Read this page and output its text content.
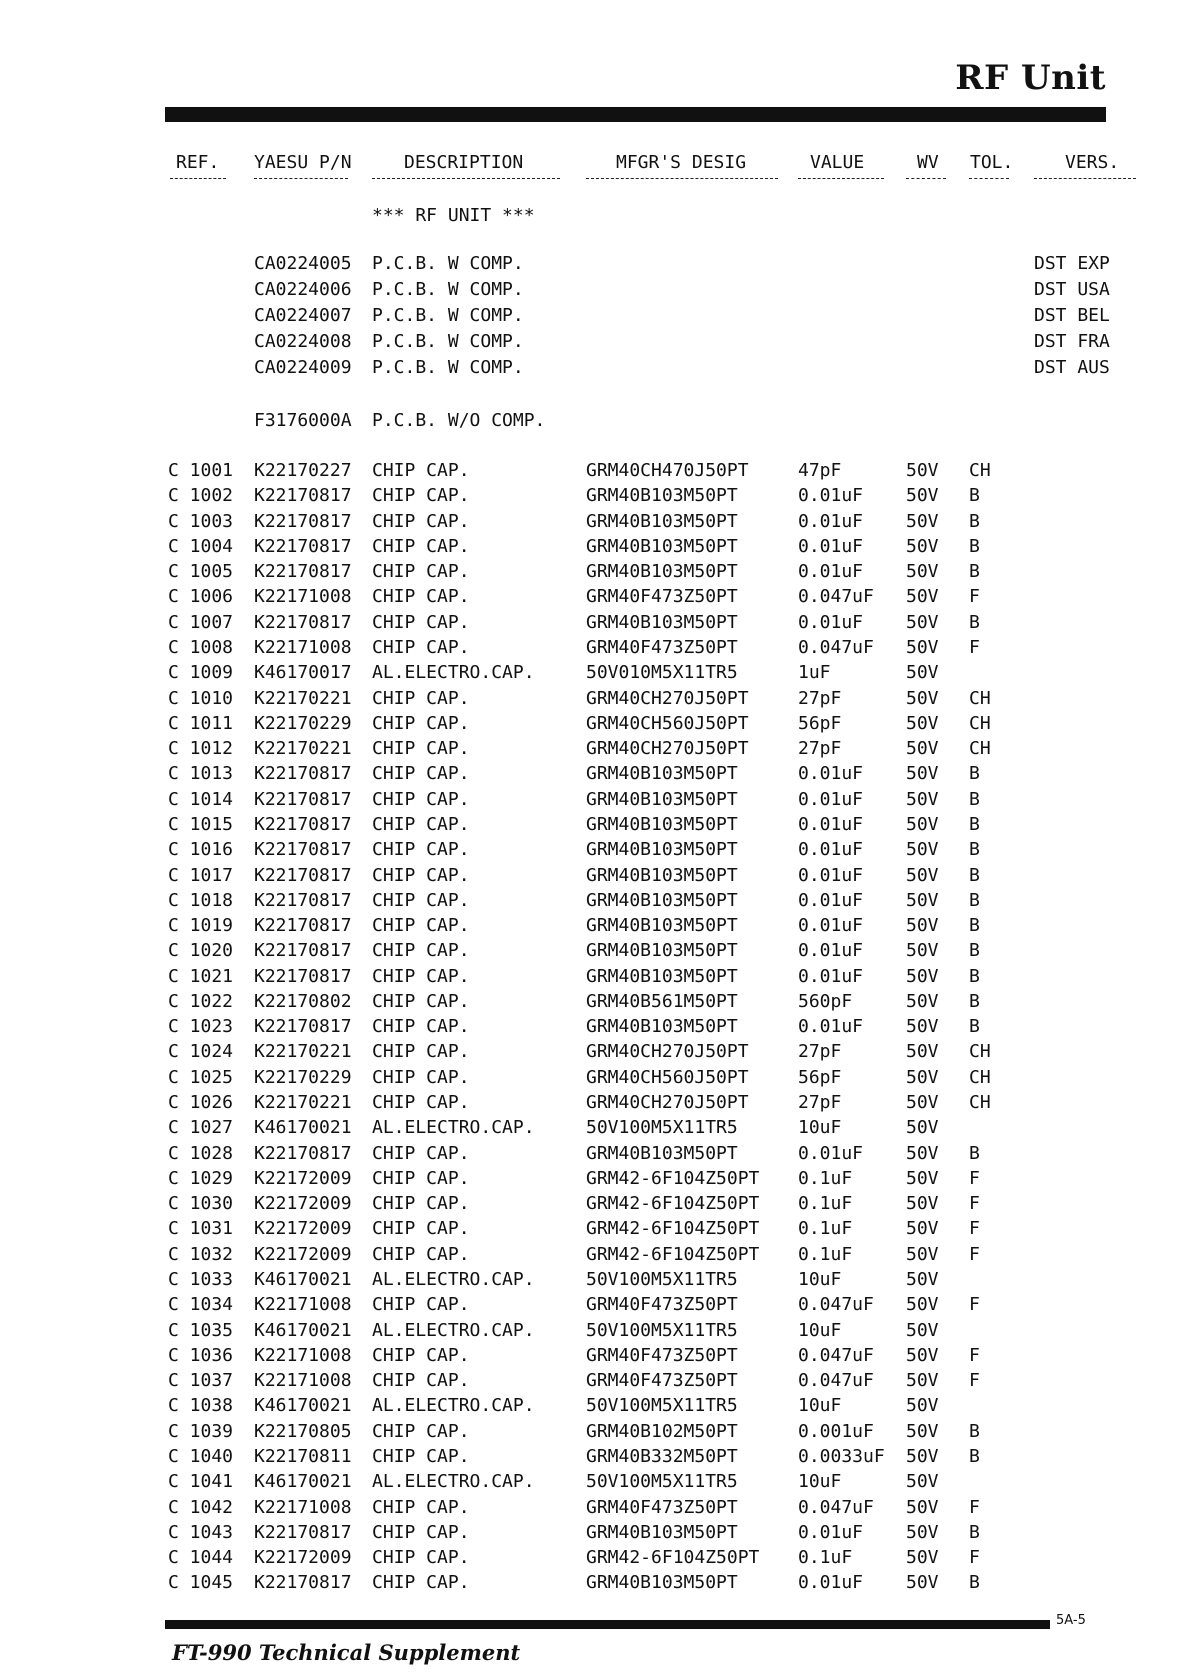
RF Unit
REF. YAESU P/N	DESCRIPTION	MFGR'S DESIG	VALUE	WV TOL.	VERS.
*** RF UNIT ***
CA0224005 P.C.B. W COMP.	DST EXP
CA0224006 P.C.B. W COMP.	DST USA
CA0224007 P.C.B. W COMP.	DST BEL
CA0224008 P.C.B. W COMP.	DST FRA
CA0224009 P.C.B. W COMP.	DST AUS
F3176000A P.C.B. W/O COMP.
C 1001 K22170227 CHIP CAP.	GRM40CH470J50PT	47pF	50V CH
C 1002 K22170817 CHIP CAP.	GRM40B103M50PT	0.01uF 50V B
C 1003 K22170817 CHIP CAP.	GRM40B103M50PT	0.01uF 50V B
C 1004 K22170817 CHIP CAP.	GRM40B103M50PT	0.01uF 50V B
C 1005 K22170817 CHIP CAP.	GRM40B103M50PT	0.01uF 50V B
C 1006 K22171008 CHIP CAP.	GRM40F473Z50PT	0.047uF 50V F
C 1007 K22170817 CHIP CAP.	GRM40B103M50PT	0.01uF 50V B
C 1008 K22171008 CHIP CAP.	GRM40F473Z50PT	0.047uF 50V F
C 1009 K46170017 AL.ELECTRO.CAP.	50V010M5X11TR5	1uF	50V
C 1010 K22170221 CHIP CAP.	GRM40CH270J50PT	27pF	50V CH
C 1011 K22170229 CHIP CAP.	GRM40CH560J50PT	56pF	50V CH
C 1012 K22170221 CHIP CAP.	GRM40CH270J50PT	27pF	50V CH
C 1013 K22170817 CHIP CAP.	GRM40B103M50PT	0.01uF 50V B
C 1014 K22170817 CHIP CAP.	GRM40B103M50PT	0.01uF 50V B
C 1015 K22170817 CHIP CAP.	GRM40B103M50PT	0.01uF 50V B
C 1016 K22170817 CHIP CAP.	GRM40B103M50PT	0.01uF 50V B
C 1017 K22170817 CHIP CAP.	GRM40B103M50PT	0.01uF 50V B
C 1018 K22170817 CHIP CAP.	GRM40B103M50PT	0.01uF 50V B
C 1019 K22170817 CHIP CAP.	GRM40B103M50PT	0.01uF 50V B
C 1020 K22170817 CHIP CAP.	GRM40B103M50PT	0.01uF 50V B
C 1021 K22170817 CHIP CAP.	GRM40B103M50PT	0.01uF 50V B
C 1022 K22170802 CHIP CAP.	GRM40B561M50PT	560pF	50V B
C 1023 K22170817 CHIP CAP.	GRM40B103M50PT	0.01uF 50V B
C 1024 K22170221 CHIP CAP.	GRM40CH270J50PT	27pF	50V CH
C 1025 K22170229 CHIP CAP.	GRM40CH560J50PT	56pF	50V CH
C 1026 K22170221 CHIP CAP.	GRM40CH270J50PT	27pF	50V CH
C 1027 K46170021 AL.ELECTRO.CAP.	50V100M5X11TR5	10uF	50V
C 1028 K22170817 CHIP CAP.	GRM40B103M50PT	0.01uF 50V B
C 1029 K22172009 CHIP CAP.	GRM42-6F104Z50PT 0.1uF	50V F
C 1030 K22172009 CHIP CAP.	GRM42-6F104Z50PT 0.1uF	50V F
C 1031 K22172009 CHIP CAP.	GRM42-6F104Z50PT 0.1uF	50V F
C 1032 K22172009 CHIP CAP.	GRM42-6F104Z50PT 0.1uF	50V F
C 1033 K46170021 AL.ELECTRO.CAP.	50V100M5X11TR5	10uF	50V
C 1034 K22171008 CHIP CAP.	GRM40F473Z50PT	0.047uF 50V F
C 1035 K46170021 AL.ELECTRO.CAP.	50V100M5X11TR5	10uF	50V
C 1036 K22171008 CHIP CAP.	GRM40F473Z50PT	0.047uF 50V F
C 1037 K22171008 CHIP CAP.	GRM40F473Z50PT	0.047uF 50V F
C 1038 K46170021 AL.ELECTRO.CAP.	50V100M5X11TR5	10uF	50V
C 1039 K22170805 CHIP CAP.	GRM40B102M50PT	0.001uF 50V B
C 1040 K22170811 CHIP CAP.	GRM40B332M50PT	0.0033uF 50V B
C 1041 K46170021 AL.ELECTRO.CAP.	50V100M5X11TR5	10uF	50V
C 1042 K22171008 CHIP CAP.	GRM40F473Z50PT	0.047uF 50V F
C 1043 K22170817 CHIP CAP.	GRM40B103M50PT	0.01uF 50V B
C 1044 K22172009 CHIP CAP.	GRM42-6F104Z50PT 0.1uF	50V F
C 1045 K22170817 CHIP CAP.	GRM40B103M50PT	0.01uF 50V B
5A-5
FT-990 Technical Supplement
